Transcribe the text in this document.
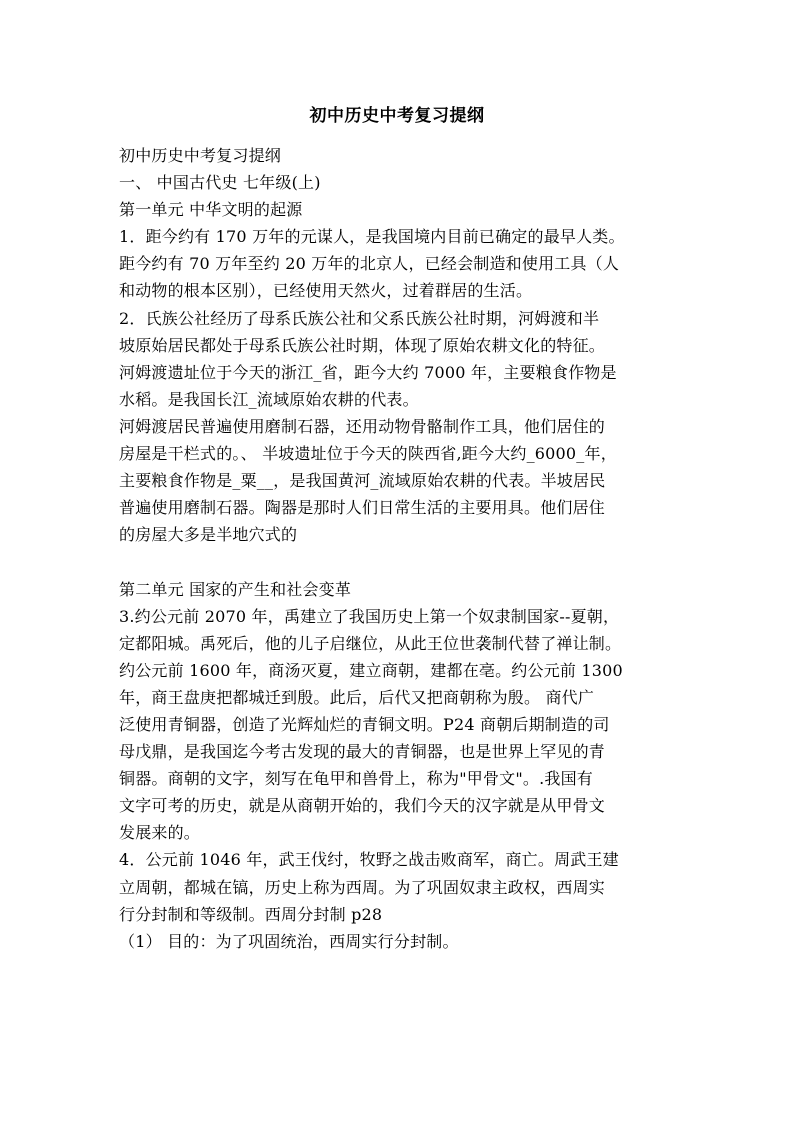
初中历史中考复习提纲
初中历史中考复习提纲
一、 中国古代史 七年级(上)
第一单元 中华文明的起源
1．距今约有 170 万年的元谋人，是我国境内目前已确定的最早人类。
距今约有 70 万年至约 20 万年的北京人，已经会制造和使用工具（人
和动物的根本区别），已经使用天然火，过着群居的生活。
2．氏族公社经历了母系氏族公社和父系氏族公社时期，河姆渡和半
坡原始居民都处于母系氏族公社时期，体现了原始农耕文化的特征。
河姆渡遗址位于今天的浙江_省，距今大约 7000 年，主要粮食作物是
水稻。是我国长江_流域原始农耕的代表。
河姆渡居民普遍使用磨制石器，还用动物骨骼制作工具，他们居住的
房屋是干栏式的。、 半坡遗址位于今天的陕西省,距今大约_6000_年，
主要粮食作物是_粟__，是我国黄河_流域原始农耕的代表。半坡居民
普遍使用磨制石器。陶器是那时人们日常生活的主要用具。他们居住
的房屋大多是半地穴式的
第二单元 国家的产生和社会变革
3.约公元前 2070 年，禹建立了我国历史上第一个奴隶制国家--夏朝，
定都阳城。禹死后，他的儿子启继位，从此王位世袭制代替了禅让制。
约公元前 1600 年，商汤灭夏，建立商朝，建都在亳。约公元前 1300
年，商王盘庚把都城迁到殷。此后，后代又把商朝称为殷。 商代广
泛使用青铜器，创造了光辉灿烂的青铜文明。P24 商朝后期制造的司
母戊鼎，是我国迄今考古发现的最大的青铜器，也是世界上罕见的青
铜器。商朝的文字，刻写在龟甲和兽骨上，称为"甲骨文"。.我国有
文字可考的历史，就是从商朝开始的，我们今天的汉字就是从甲骨文
发展来的。
4．公元前 1046 年，武王伐纣，牧野之战击败商军，商亡。周武王建
立周朝，都城在镐，历史上称为西周。为了巩固奴隶主政权，西周实
行分封制和等级制。西周分封制 p28
（1） 目的：为了巩固统治，西周实行分封制。
